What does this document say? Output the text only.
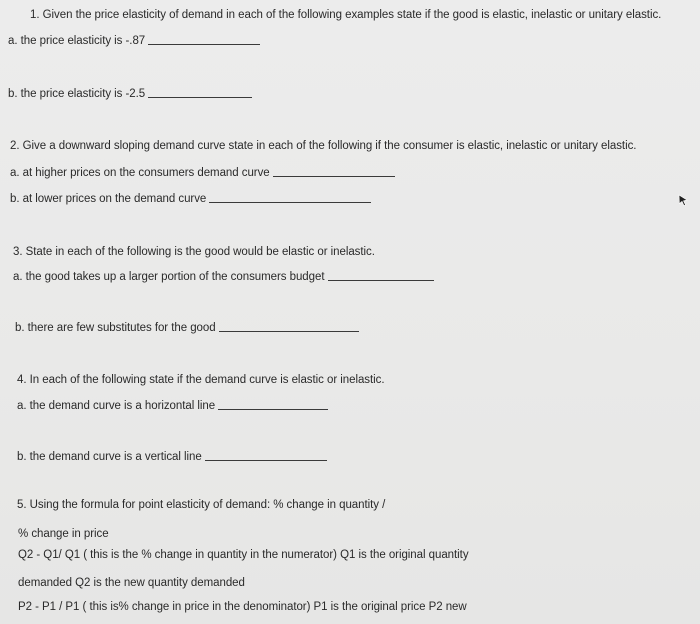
1. Given the price elasticity of demand in each of the following examples state if the good is elastic, inelastic or unitary elastic.
a. the price elasticity is -.87
b. the price elasticity is -2.5
2. Give a downward sloping demand curve state in each of the following if the consumer is elastic, inelastic or unitary elastic.
a. at higher prices on the consumers demand curve
b. at lower prices on the demand curve
3. State in each of the following is the good would be elastic or inelastic.
a. the good takes up a larger portion of the consumers budget
b. there are few substitutes for the good
4. In each of the following state if the demand curve is elastic or inelastic.
a. the demand curve is a horizontal line
b. the demand curve is a vertical line
5. Using the formula for point elasticity of demand: % change in quantity /
% change in price
Q2 - Q1/ Q1 ( this is the % change in quantity in the numerator) Q1 is the original quantity
demanded Q2 is the new quantity demanded
P2 - P1 / P1 ( this is% change in price in the denominator) P1 is the original price P2 new
